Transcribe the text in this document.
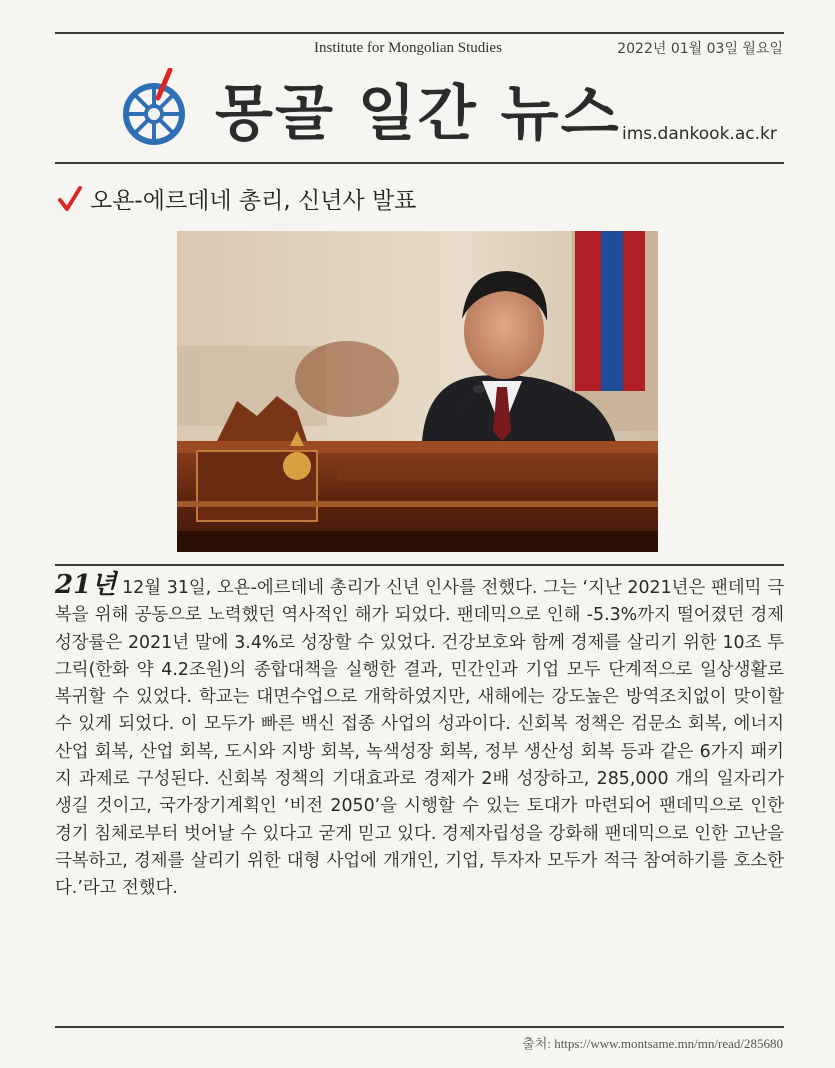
Institute for Mongolian Studies	2022년 01월 03일 월요일
몽골 일간 뉴스 ims.dankook.ac.kr
오욘-에르데네 총리, 신년사 발표

21년 12월 31일, 오욘-에르데네 총리가 신년 인사를 전했다. 그는 ‘지난 2021년은 팬데믹 극복을 위해 공동으로 노력했던 역사적인 해가 되었다. 팬데믹으로 인해 -5.3%까지 떨어졌던 경제 성장률은 2021년 말에 3.4%로 성장할 수 있었다. 건강보호와 함께 경제를 살리기 위한 10조 투그릭(한화 약 4.2조원)의 종합대책을 실행한 결과, 민간인과 기업 모두 단계적으로 일상생활로 복귀할 수 있었다. 학교는 대면수업으로 개학하였지만, 새해에는 강도높은 방역조치없이 맞이할 수 있게 되었다. 이 모두가 빠른 백신 접종 사업의 성과이다. 신회복 정책은 검문소 회복, 에너지산업 회복, 산업 회복, 도시와 지방 회복, 녹색성장 회복, 정부 생산성 회복 등과 같은 6가지 패키지 과제로 구성된다. 신회복 정책의 기대효과로 경제가 2배 성장하고, 285,000 개의 일자리가 생길 것이고, 국가장기계획인 ‘비전 2050’을 시행할 수 있는 토대가 마련되어 팬데믹으로 인한 경기 침체로부터 벗어날 수 있다고 굳게 믿고 있다. 경제자립성을 강화해 팬데믹으로 인한 고난을 극복하고, 경제를 살리기 위한 대형 사업에 개개인, 기업, 투자자 모두가 적극 참여하기를 호소한다.’라고 전했다.

출처: https://www.montsame.mn/mn/read/285680
